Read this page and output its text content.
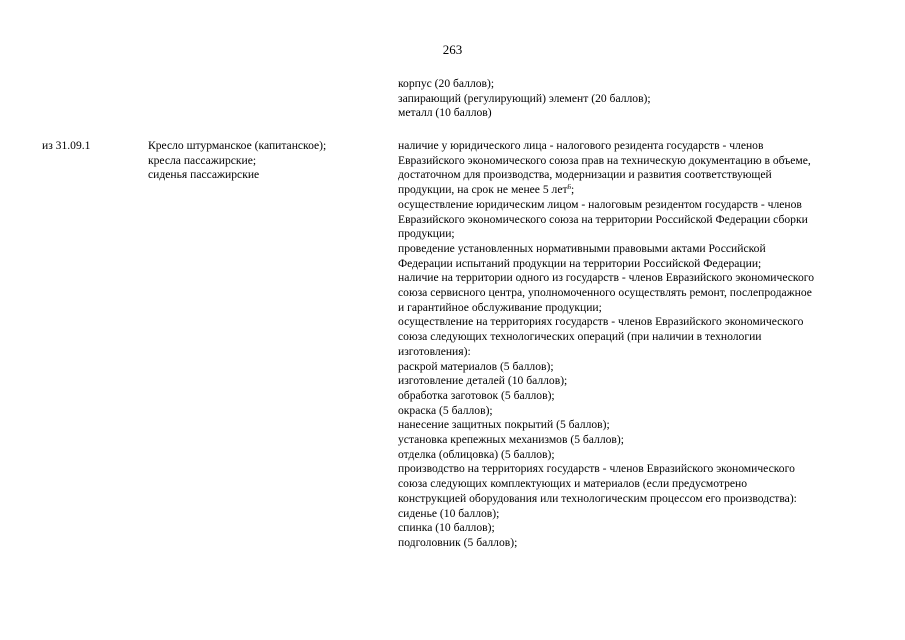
263
корпус (20 баллов);
запирающий (регулирующий) элемент (20 баллов);
металл (10 баллов)
из 31.09.1	Кресло штурманское (капитанское);
кресла пассажирские;
сиденья пассажирские
наличие у юридического лица - налогового резидента государств - членов
Евразийского экономического союза прав на техническую документацию в объеме,
достаточном для производства, модернизации и развития соответствующей
продукции, на срок не менее 5 лет$^6$;
осуществление юридическим лицом - налоговым резидентом государств - членов
Евразийского экономического союза на территории Российской Федерации сборки
продукции;
проведение установленных нормативными правовыми актами Российской
Федерации испытаний продукции на территории Российской Федерации;
наличие на территории одного из государств - членов Евразийского экономического
союза сервисного центра, уполномоченного осуществлять ремонт, послепродажное
и гарантийное обслуживание продукции;
осуществление на территориях государств - членов Евразийского экономического
союза следующих технологических операций (при наличии в технологии
изготовления):
раскрой материалов (5 баллов);
изготовление деталей (10 баллов);
обработка заготовок (5 баллов);
окраска (5 баллов);
нанесение защитных покрытий (5 баллов);
установка крепежных механизмов (5 баллов);
отделка (облицовка) (5 баллов);
производство на территориях государств - членов Евразийского экономического
союза следующих комплектующих и материалов (если предусмотрено
конструкцией оборудования или технологическим процессом его производства):
сиденье (10 баллов);
спинка (10 баллов);
подголовник (5 баллов);
